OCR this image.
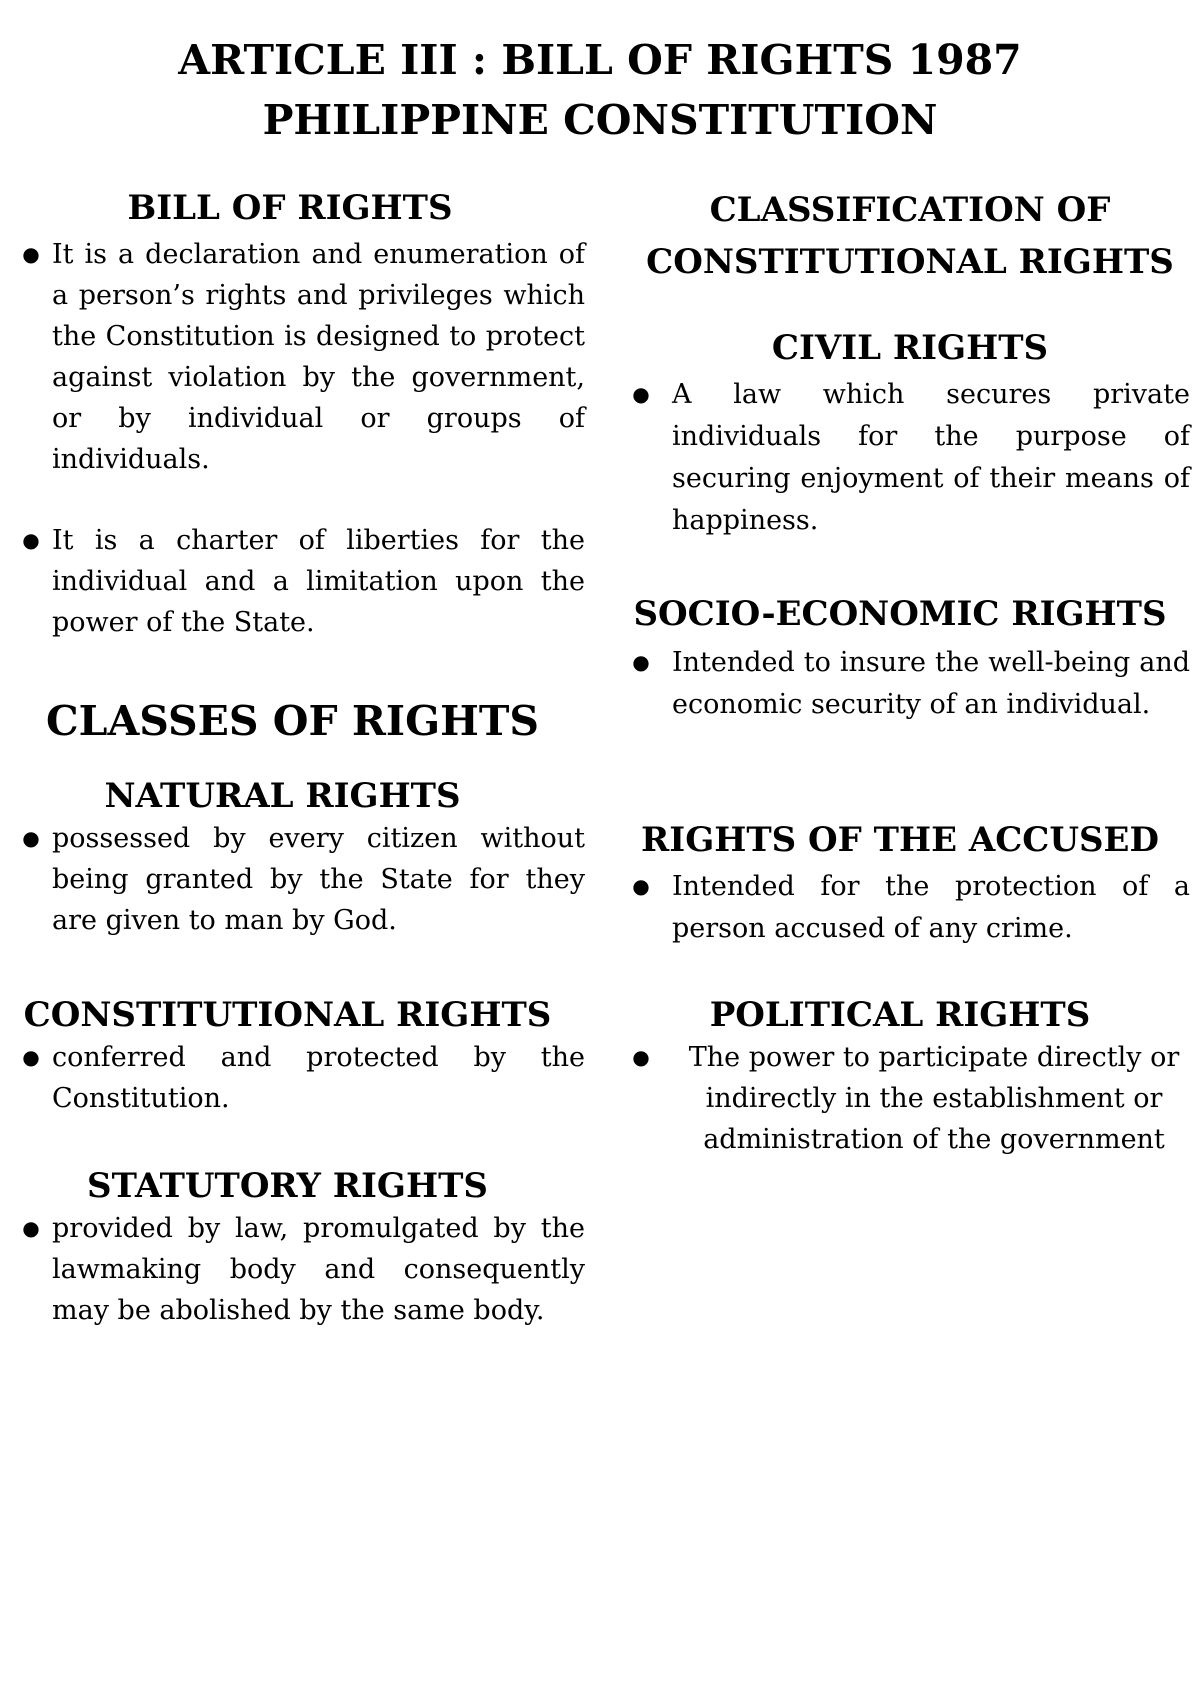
ARTICLE III : BILL OF RIGHTS 1987
PHILIPPINE CONSTITUTION
BILL OF RIGHTS
● It is a declaration and enumeration of a person’s rights and privileges which the Constitution is designed to protect against violation by the government, or by individual or groups of individuals.
● It is a charter of liberties for the individual and a limitation upon the power of the State.
CLASSES OF RIGHTS
NATURAL RIGHTS
● possessed by every citizen without being granted by the State for they are given to man by God.
CONSTITUTIONAL RIGHTS
● conferred and protected by the Constitution.
STATUTORY RIGHTS
● provided by law, promulgated by the lawmaking body and consequently may be abolished by the same body.
CLASSIFICATION OF
CONSTITUTIONAL RIGHTS
CIVIL RIGHTS
● A law which secures private individuals for the purpose of securing enjoyment of their means of happiness.
SOCIO-ECONOMIC RIGHTS
● Intended to insure the well-being and economic security of an individual.
RIGHTS OF THE ACCUSED
● Intended for the protection of a person accused of any crime.
POLITICAL RIGHTS
●	The power to participate directly or indirectly in the establishment or administration of the government
